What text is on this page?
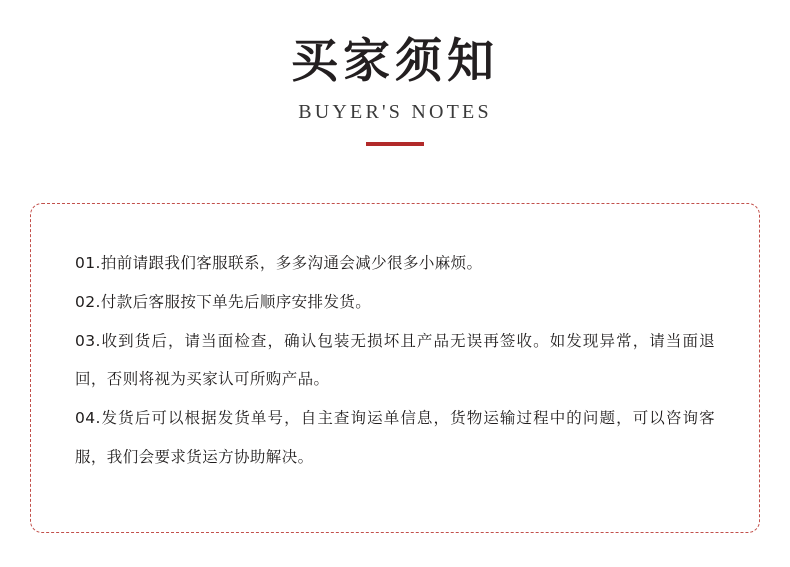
买家须知
BUYER'S NOTES
01.拍前请跟我们客服联系，多多沟通会减少很多小麻烦。
02.付款后客服按下单先后顺序安排发货。
03.收到货后，请当面检查，确认包装无损坏且产品无误再签收。如发现异常，请当面退回，否则将视为买家认可所购产品。
04.发货后可以根据发货单号，自主查询运单信息，货物运输过程中的问题，可以咨询客服，我们会要求货运方协助解决。
